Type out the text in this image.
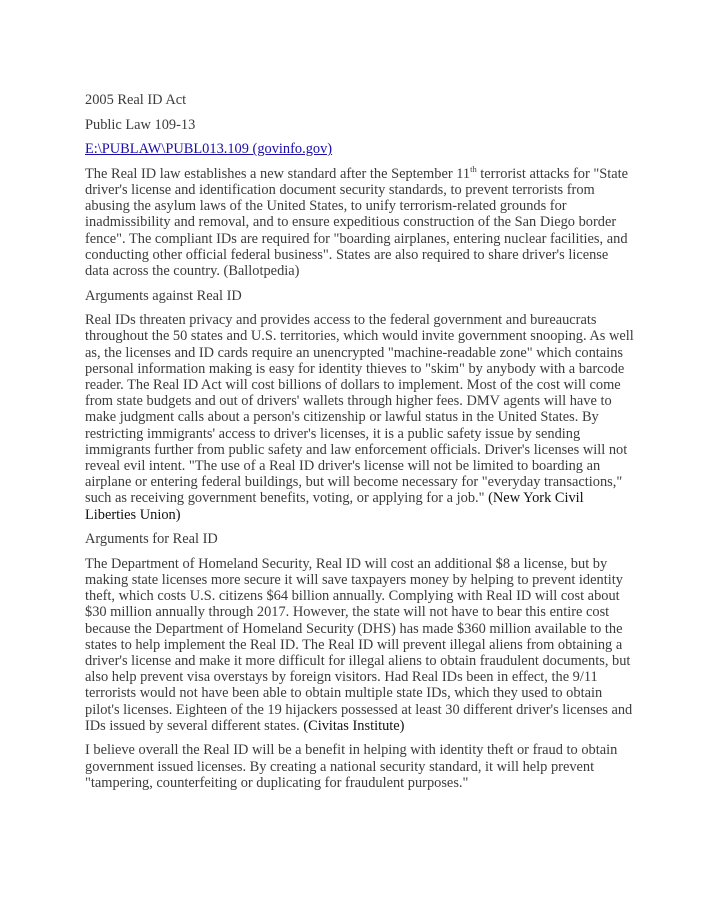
2005 Real ID Act

Public Law 109-13

E:\PUBLAW\PUBL013.109 (govinfo.gov)

The Real ID law establishes a new standard after the September 11th terrorist attacks for "State driver's license and identification document security standards, to prevent terrorists from abusing the asylum laws of the United States, to unify terrorism-related grounds for inadmissibility and removal, and to ensure expeditious construction of the San Diego border fence". The compliant IDs are required for "boarding airplanes, entering nuclear facilities, and conducting other official federal business". States are also required to share driver's license data across the country. (Ballotpedia)

Arguments against Real ID

Real IDs threaten privacy and provides access to the federal government and bureaucrats throughout the 50 states and U.S. territories, which would invite government snooping. As well as, the licenses and ID cards require an unencrypted "machine-readable zone" which contains personal information making is easy for identity thieves to "skim" by anybody with a barcode reader. The Real ID Act will cost billions of dollars to implement. Most of the cost will come from state budgets and out of drivers' wallets through higher fees. DMV agents will have to make judgment calls about a person's citizenship or lawful status in the United States. By restricting immigrants' access to driver's licenses, it is a public safety issue by sending immigrants further from public safety and law enforcement officials. Driver's licenses will not reveal evil intent. "The use of a Real ID driver's license will not be limited to boarding an airplane or entering federal buildings, but will become necessary for "everyday transactions," such as receiving government benefits, voting, or applying for a job." (New York Civil Liberties Union)

Arguments for Real ID

The Department of Homeland Security, Real ID will cost an additional $8 a license, but by making state licenses more secure it will save taxpayers money by helping to prevent identity theft, which costs U.S. citizens $64 billion annually. Complying with Real ID will cost about $30 million annually through 2017. However, the state will not have to bear this entire cost because the Department of Homeland Security (DHS) has made $360 million available to the states to help implement the Real ID. The Real ID will prevent illegal aliens from obtaining a driver's license and make it more difficult for illegal aliens to obtain fraudulent documents, but also help prevent visa overstays by foreign visitors. Had Real IDs been in effect, the 9/11 terrorists would not have been able to obtain multiple state IDs, which they used to obtain pilot's licenses. Eighteen of the 19 hijackers possessed at least 30 different driver's licenses and IDs issued by several different states. (Civitas Institute)

I believe overall the Real ID will be a benefit in helping with identity theft or fraud to obtain government issued licenses. By creating a national security standard, it will help prevent "tampering, counterfeiting or duplicating for fraudulent purposes."
